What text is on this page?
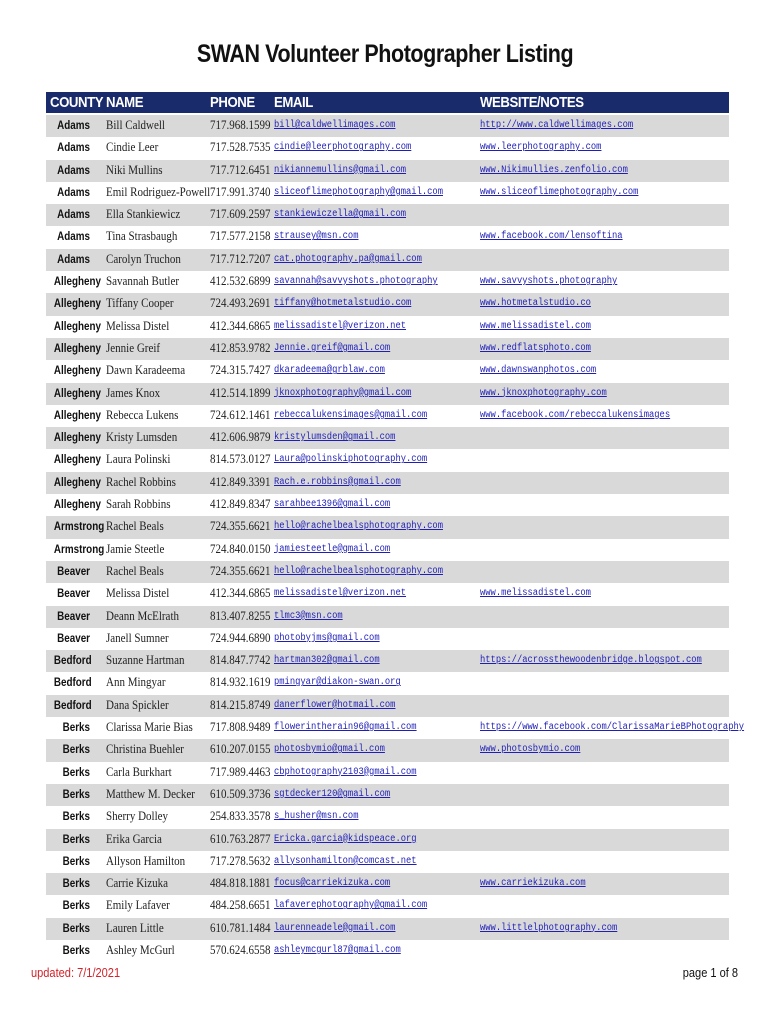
SWAN Volunteer Photographer Listing
COUNTY NAME	PHONE EMAIL	WEBSITE/NOTES
Adams Bill Caldwell	717.968.1599 bill@caldwellimages.com	http://www.caldwellimages.com
Adams Cindie Leer	717.528.7535 cindie@leerphotography.com	www.leerphotography.com
Adams Niki Mullins	717.712.6451 nikiannemullins@gmail.com	www.Nikimullies.zenfolio.com
Adams Emil Rodriguez-Powell 717.991.3740 sliceoflimephotography@gmail.com	www.sliceoflimephotography.com
Adams Ella Stankiewicz 717.609.2597 stankiewiczella@gmail.com
Adams Tina Strasbaugh	717.577.2158 strausey@msn.com	www.facebook.com/lensoftina
Adams Carolyn Truchon 717.712.7207 cat.photography.pa@gmail.com
Allegheny Savannah Butler 412.532.6899 savannah@savvyshots.photography	www.savvyshots.photography
Allegheny Tiffany Cooper	724.493.2691 tiffany@hotmetalstudio.com	www.hotmetalstudio.co
Allegheny Melissa Distel	412.344.6865 melissadistel@verizon.net	www.melissadistel.com
Allegheny Jennie Greif	412.853.9782 Jennie.greif@gmail.com	www.redflatsphoto.com
Allegheny Dawn Karadeema 724.315.7427 dkaradeema@grblaw.com	www.dawnswanphotos.com
Allegheny James Knox	412.514.1899 jknoxphotography@gmail.com	www.jknoxphotography.com
Allegheny Rebecca Lukens	724.612.1461 rebeccalukensimages@gmail.com	www.facebook.com/rebeccalukensimages
Allegheny Kristy Lumsden	412.606.9879 kristylumsden@gmail.com
Allegheny Laura Polinski	814.573.0127 Laura@polinskiphotography.com
Allegheny Rachel Robbins	412.849.3391 Rach.e.robbins@gmail.com
Allegheny Sarah Robbins	412.849.8347 sarahbee1396@gmail.com
Armstrong Rachel Beals	724.355.6621 hello@rachelbealsphotography.com
Armstrong Jamie Steetle	724.840.0150 jamiesteetle@gmail.com
Beaver Rachel Beals	724.355.6621 hello@rachelbealsphotography.com
Beaver Melissa Distel	412.344.6865 melissadistel@verizon.net	www.melissadistel.com
Beaver Deann McElrath 813.407.8255 tlmc3@msn.com
Beaver Janell Sumner	724.944.6890 photobyjms@gmail.com
Bedford Suzanne Hartman 814.847.7742 hartman302@gmail.com	https://acrossthewoodenbridge.blogspot.com
Bedford Ann Mingyar	814.932.1619 pmingyar@diakon-swan.org
Bedford Dana Spickler	814.215.8749 danerflower@hotmail.com
Berks Clarissa Marie Bias 717.808.9489 flowerintherain96@gmail.com	https://www.facebook.com/ClarissaMarieBPhotography
Berks Christina Buehler 610.207.0155 photosbymio@gmail.com	www.photosbymio.com
Berks Carla Burkhart	717.989.4463 cbphotography2103@gmail.com
Berks Matthew M. Decker 610.509.3736 sgtdecker120@gmail.com
Berks Sherry Dolley	254.833.3578 s_husher@msn.com
Berks Erika Garcia	610.763.2877 Ericka.garcia@kidspeace.org
Berks Allyson Hamilton 717.278.5632 allysonhamilton@comcast.net
Berks Carrie Kizuka	484.818.1881 focus@carriekizuka.com	www.carriekizuka.com
Berks Emily Lafaver	484.258.6651 lafaverephotography@gmail.com
Berks Lauren Little	610.781.1484 laurenneadele@gmail.com	www.littlelphotography.com
Berks Ashley McGurl	570.624.6558 ashleymcgurl87@gmail.com
updated: 7/1/2021	page 1 of 8
